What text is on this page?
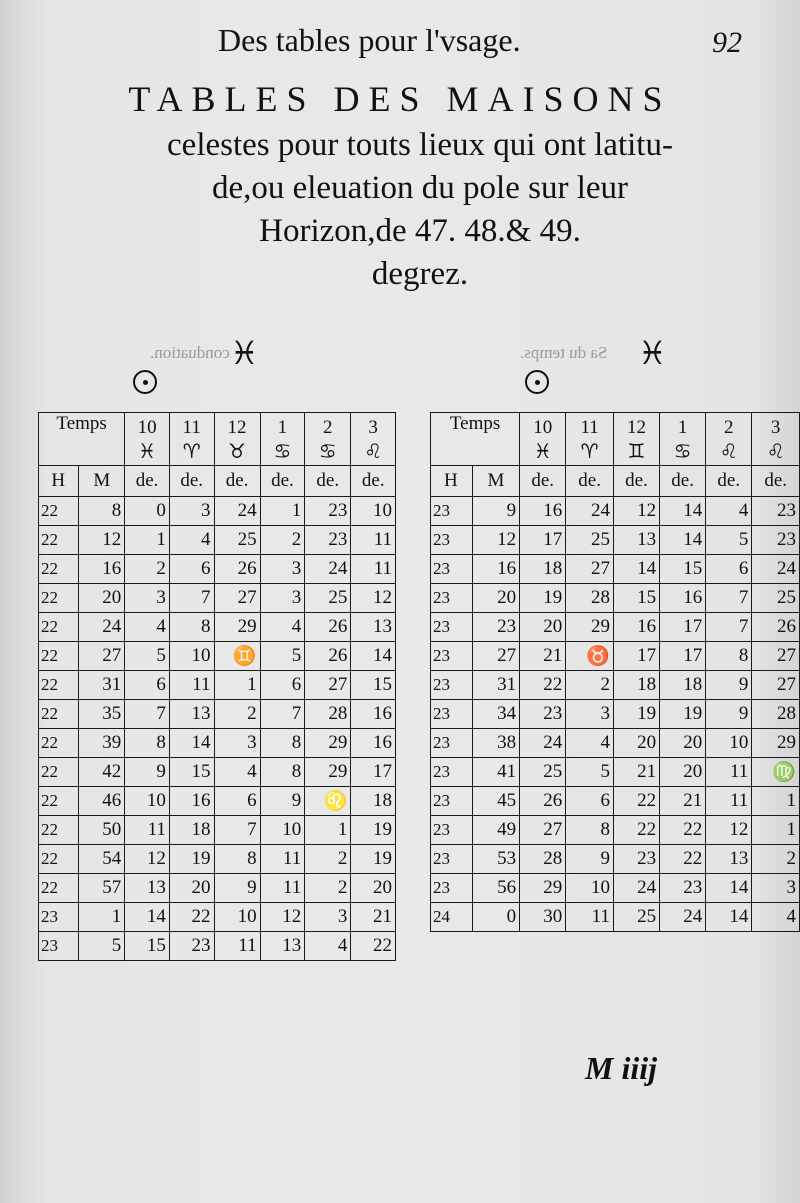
Des tables pour l'vsage.	92
TABLES DES MAISONS
celestes pour touts lieux qui ont latitu-
de,ou eleuation du pole sur leur
Horizon,de 47. 48.& 49.
degrez.
conduation.	Sa du temps.
♓	♓
Temps		10	11	12	1	2	3
		♓	♈	♉	♋	♋	♌
H	M	de.	de.	de.	de.	de.	de.
22	8	0	3	24	1	23	10
22	12	1	4	25	2	23	11
22	16	2	6	26	3	24	11
22	20	3	7	27	3	25	12
22	24	4	8	29	4	26	13
22	27	5	10	♊	5	26	14
22	31	6	11	1	6	27	15
22	35	7	13	2	7	28	16
22	39	8	14	3	8	29	16
22	42	9	15	4	8	29	17
22	46	10	16	6	9	♌	18
22	50	11	18	7	10	1	19
22	54	12	19	8	11	2	19
22	57	13	20	9	11	2	20
23	1	14	22	10	12	3	21
23	5	15	23	11	13	4	22
Temps		10	11	12	1	2	3
		♓	♈	♊	♋	♌	♌
H	M	de.	de.	de.	de.	de.	de.
23	9	16	24	12	14	4	23
23	12	17	25	13	14	5	23
23	16	18	27	14	15	6	24
23	20	19	28	15	16	7	25
23	23	20	29	16	17	7	26
23	27	21	♉	17	17	8	27
23	31	22	2	18	18	9	27
23	34	23	3	19	19	9	28
23	38	24	4	20	20	10	29
23	41	25	5	21	20	11	♍
23	45	26	6	22	21	11	1
23	49	27	8	22	22	12	1
23	53	28	9	23	22	13	2
23	56	29	10	24	23	14	3
24	0	30	11	25	24	14	4
M iiij
